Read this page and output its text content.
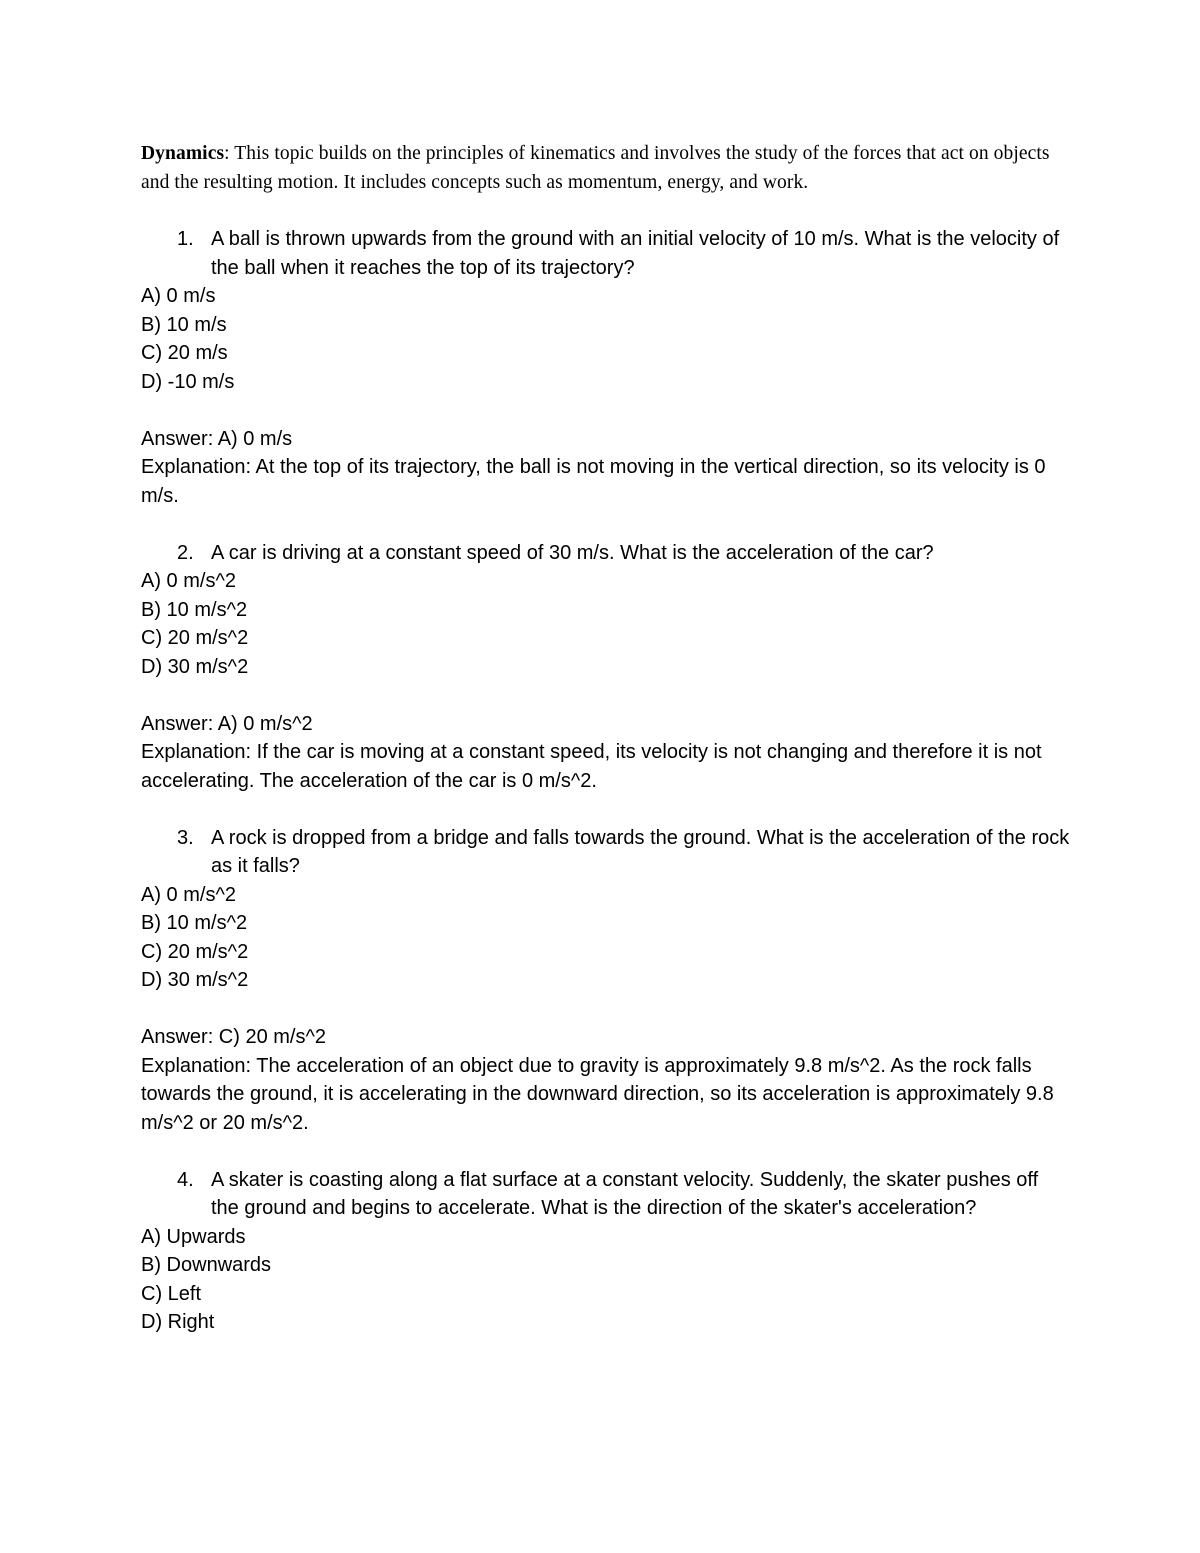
Dynamics: This topic builds on the principles of kinematics and involves the study of the forces that act on objects and the resulting motion. It includes concepts such as momentum, energy, and work.

1. A ball is thrown upwards from the ground with an initial velocity of 10 m/s. What is the velocity of the ball when it reaches the top of its trajectory?

A) 0 m/s

B) 10 m/s

C) 20 m/s

D) -10 m/s

Answer: A) 0 m/s

Explanation: At the top of its trajectory, the ball is not moving in the vertical direction, so its velocity is 0 m/s.

2. A car is driving at a constant speed of 30 m/s. What is the acceleration of the car?

A) 0 m/s^2

B) 10 m/s^2

C) 20 m/s^2

D) 30 m/s^2

Answer: A) 0 m/s^2

Explanation: If the car is moving at a constant speed, its velocity is not changing and therefore it is not accelerating. The acceleration of the car is 0 m/s^2.

3. A rock is dropped from a bridge and falls towards the ground. What is the acceleration of the rock as it falls?

A) 0 m/s^2

B) 10 m/s^2

C) 20 m/s^2

D) 30 m/s^2

Answer: C) 20 m/s^2

Explanation: The acceleration of an object due to gravity is approximately 9.8 m/s^2. As the rock falls towards the ground, it is accelerating in the downward direction, so its acceleration is approximately 9.8 m/s^2 or 20 m/s^2.

4. A skater is coasting along a flat surface at a constant velocity. Suddenly, the skater pushes off the ground and begins to accelerate. What is the direction of the skater's acceleration?

A) Upwards

B) Downwards

C) Left

D) Right
